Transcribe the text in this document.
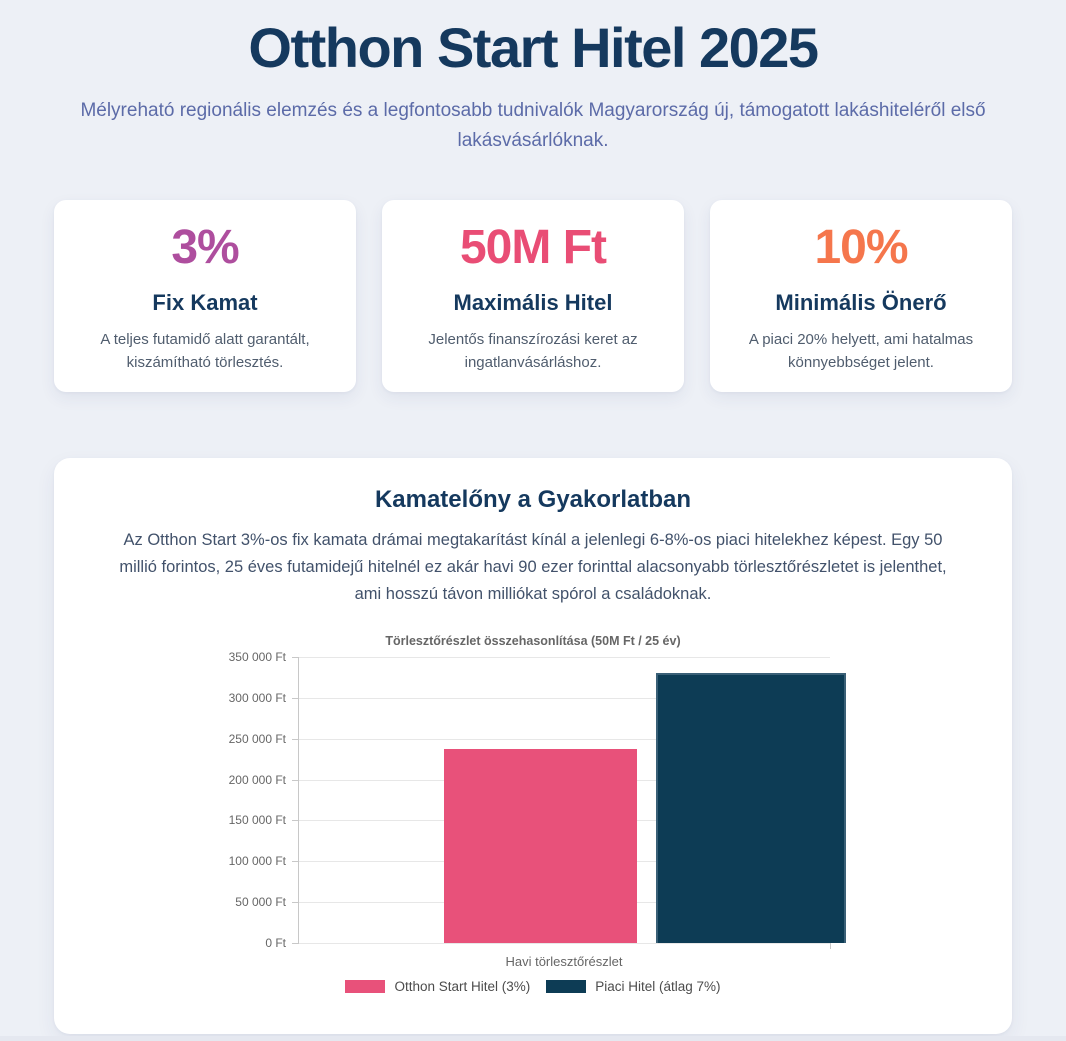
Otthon Start Hitel 2025

Mélyreható regionális elemzés és a legfontosabb tudnivalók Magyarország új, támogatott lakáshiteléről első lakásvásárlóknak.

3%
Fix Kamat
A teljes futamidő alatt garantált, kiszámítható törlesztés.
50M Ft
Maximális Hitel
Jelentős finanszírozási keret az ingatlanvásárláshoz.
10%
Minimális Önerő
A piaci 20% helyett, ami hatalmas könnyebbséget jelent.
Kamatelőny a Gyakorlatban

Az Otthon Start 3%-os fix kamata drámai megtakarítást kínál a jelenlegi 6-8%-os piaci hitelekhez képest. Egy 50 millió forintos, 25 éves futamidejű hitelnél ez akár havi 90 ezer forinttal alacsonyabb törlesztőrészletet is jelenthet, ami hosszú távon milliókat spórol a családoknak.

Törlesztőrészlet összehasonlítása (50M Ft / 25 év)
350 000 Ft
300 000 Ft
250 000 Ft
200 000 Ft
150 000 Ft
100 000 Ft
50 000 Ft
0 Ft
Havi törlesztőrészlet
Otthon Start Hitel (3%)	Piaci Hitel (átlag 7%)
